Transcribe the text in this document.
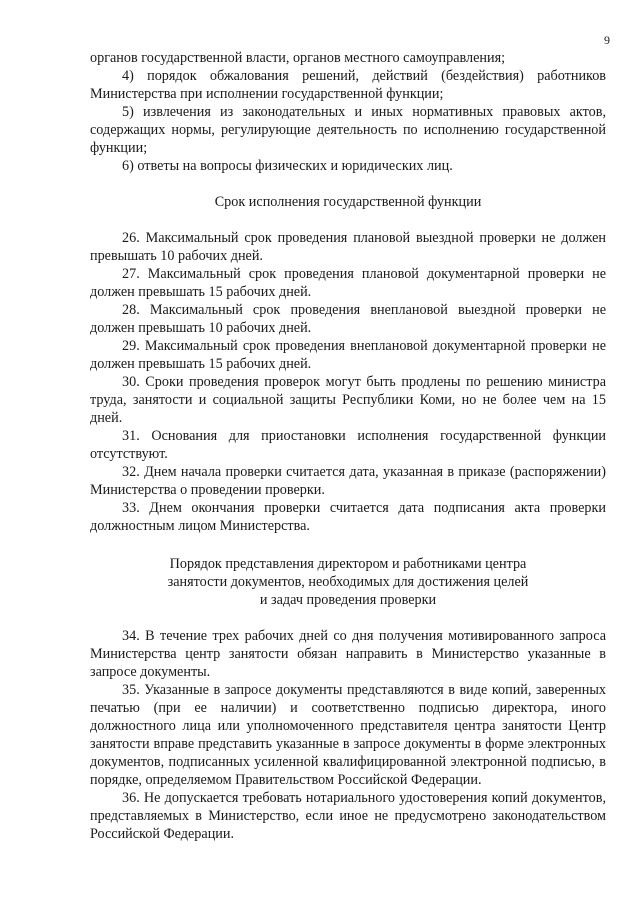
9

органов государственной власти, органов местного самоуправления;

4) порядок обжалования решений, действий (бездействия) работников Министерства при исполнении государственной функции;

5) извлечения из законодательных и иных нормативных правовых актов, содержащих нормы, регулирующие деятельность по исполнению государственной функции;

6) ответы на вопросы физических и юридических лиц.

Срок исполнения государственной функции

26. Максимальный срок проведения плановой выездной проверки не должен превышать 10 рабочих дней.

27. Максимальный срок проведения плановой документарной проверки не должен превышать 15 рабочих дней.

28. Максимальный срок проведения внеплановой выездной проверки не должен превышать 10 рабочих дней.

29. Максимальный срок проведения внеплановой документарной проверки не должен превышать 15 рабочих дней.

30. Сроки проведения проверок могут быть продлены по решению министра труда, занятости и социальной защиты Республики Коми, но не более чем на 15 дней.

31. Основания для приостановки исполнения государственной функции отсутствуют.

32. Днем начала проверки считается дата, указанная в приказе (распоряжении) Министерства о проведении проверки.

33. Днем окончания проверки считается дата подписания акта проверки должностным лицом Министерства.

Порядок представления директором и работниками центра

занятости документов, необходимых для достижения целей

и задач проведения проверки

34. В течение трех рабочих дней со дня получения мотивированного запроса Министерства центр занятости обязан направить в Министерство указанные в запросе документы.

35. Указанные в запросе документы представляются в виде копий, заверенных печатью (при ее наличии) и соответственно подписью директора, иного должностного лица или уполномоченного представителя центра занятости Центр занятости вправе представить указанные в запросе документы в форме электронных документов, подписанных усиленной квалифицированной электронной подписью, в порядке, определяемом Правительством Российской Федерации.

36. Не допускается требовать нотариального удостоверения копий документов, представляемых в Министерство, если иное не предусмотрено законодательством Российской Федерации.
